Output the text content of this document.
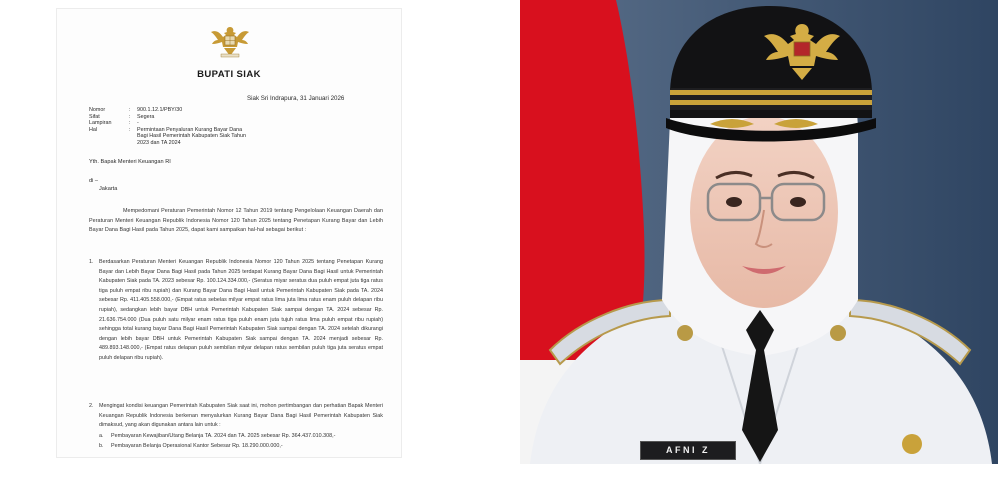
BUPATI SIAK
Siak Sri Indrapura, 31 Januari 2026
Nomor	:	900.1.12.1/PBY/30
Sifat	:	Segera
Lampiran	:	-
Hal	:	Permintaan Penyaluran Kurang Bayar Dana Bagi Hasil Pemerintah Kabupaten Siak Tahun 2023 dan TA 2024
Yth. Bapak Menteri Keuangan RI
di –
Jakarta
Mempedomani Peraturan Pemerintah Nomor 12 Tahun 2019 tentang Pengelolaan Keuangan Daerah dan Peraturan Menteri Keuangan Republik Indonesia Nomor 120 Tahun 2025 tentang Penetapan Kurang Bayar dan Lebih Bayar Dana Bagi Hasil pada Tahun 2025, dapat kami sampaikan hal-hal sebagai berikut :
1.	Berdasarkan Peraturan Menteri Keuangan Republik Indonesia Nomor 120 Tahun 2025 tentang Penetapan Kurang Bayar dan Lebih Bayar Dana Bagi Hasil pada Tahun 2025 terdapat Kurang Bayar Dana Bagi Hasil untuk Pemerintah Kabupaten Siak pada TA. 2023 sebesar Rp. 100.124.334.000,- (Seratus miyar seratus dua puluh empat juta tiga ratus tiga puluh empat ribu rupiah) dan Kurang Bayar Dana Bagi Hasil untuk Pemerintah Kabupaten Siak pada TA. 2024 sebesar Rp. 411.405.558.000,- (Empat ratus sebelas milyar empat ratus lima juta lima ratus enam puluh delapan ribu rupiah), sedangkan lebih bayar DBH untuk Pemerintah Kabupaten Siak sampai dengan TA. 2024 sebesar Rp. 21.636.754.000 (Dua puluh satu milyar enam ratus tiga puluh enam juta tujuh ratus lima puluh empat ribu rupiah) sehingga total kurang bayar Dana Bagi Hasil Pemerintah Kabupaten Siak sampai dengan TA. 2024 setelah dikurangi dengan lebih bayar DBH untuk Pemerintah Kabupaten Siak sampai dengan TA. 2024 menjadi sebesar Rp. 489.893.148.000,- (Empat ratus delapan puluh sembilan milyar delapan ratus sembilan puluh tiga juta seratus empat puluh delapan ribu rupiah).
2.	Mengingat kondisi keuangan Pemerintah Kabupaten Siak saat ini, mohon pertimbangan dan perhatian Bapak Menteri Keuangan Republik Indonesia berkenan menyalurkan Kurang Bayar Dana Bagi Hasil Pemerintah Kabupaten Siak dimaksud, yang akan digunakan antara lain untuk :
a.	Pembayaran Kewajiban/Utang Belanja TA. 2024 dan TA. 2025 sebesar Rp. 364.437.010.308,-
b.	Pembayaran Belanja Operasional Kantor Sebesar Rp. 18.290.000.000,-	AFNI Z
